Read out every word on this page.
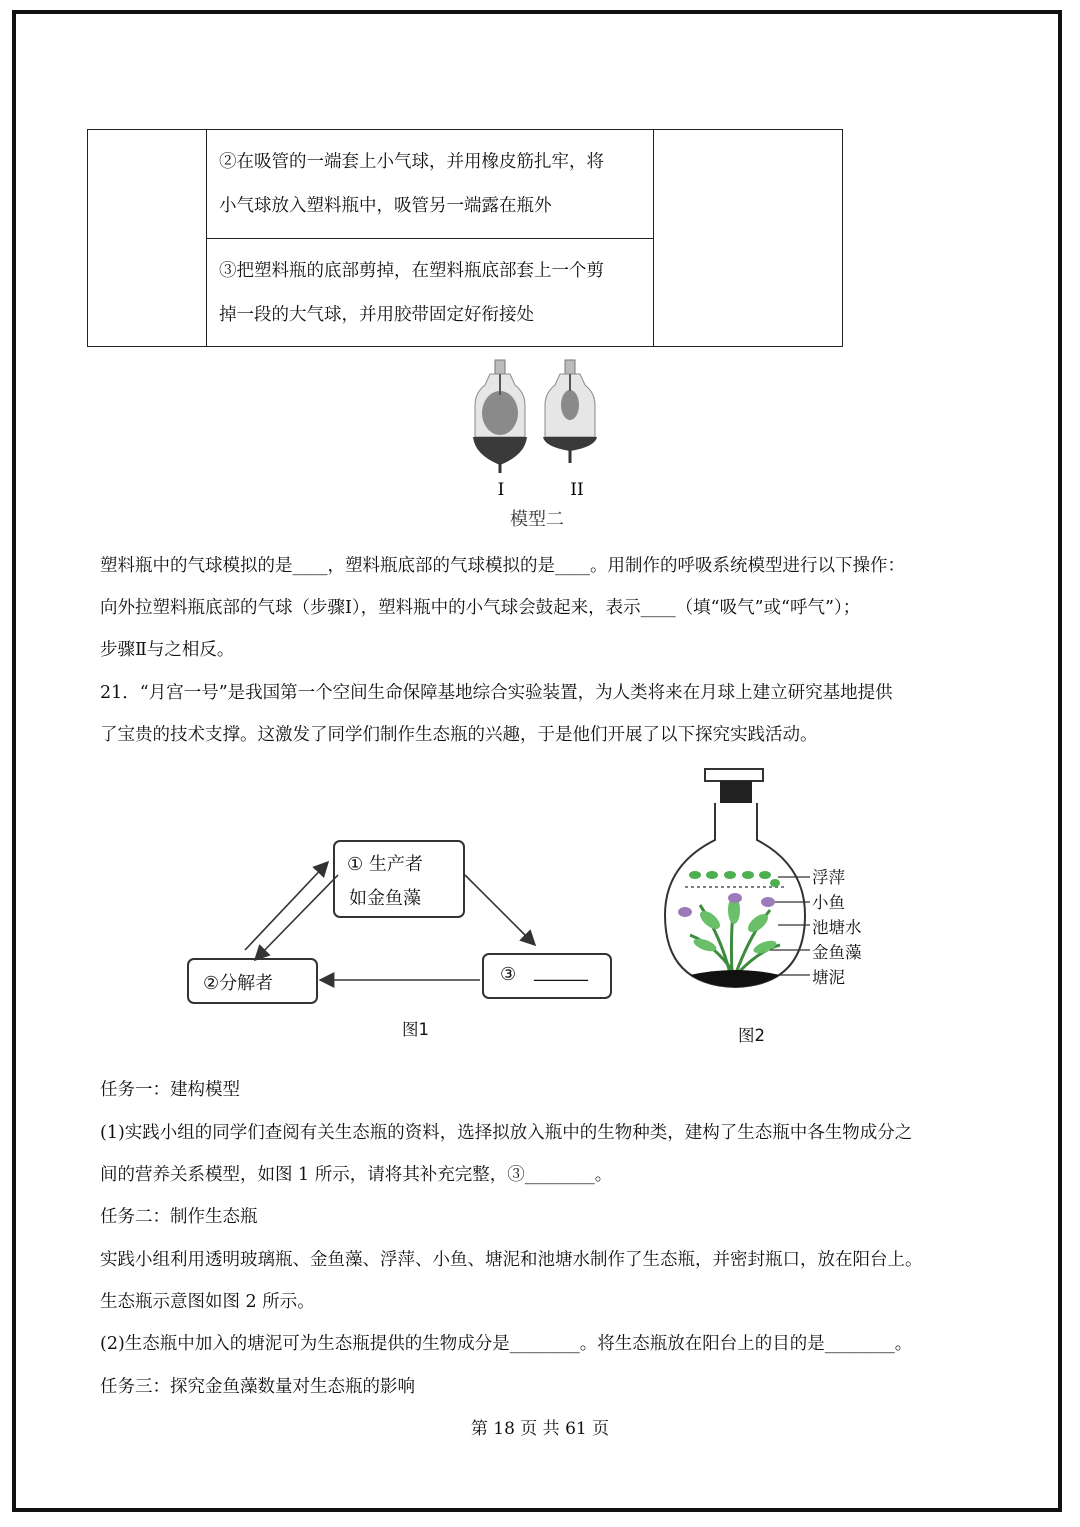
②在吸管的一端套上小气球，并用橡皮筋扎牢，将
小气球放入塑料瓶中，吸管另一端露在瓶外

③把塑料瓶的底部剪掉，在塑料瓶底部套上一个剪
掉一段的大气球，并用胶带固定好衔接处
I	II
模型二
塑料瓶中的气球模拟的是____，塑料瓶底部的气球模拟的是____。用制作的呼吸系统模型进行以下操作：
向外拉塑料瓶底部的气球（步骤Ⅰ），塑料瓶中的小气球会鼓起来，表示____（填“吸气”或“呼气”）；
步骤Ⅱ与之相反。
21．“月宫一号”是我国第一个空间生命保障基地综合实验装置，为人类将来在月球上建立研究基地提供
了宝贵的技术支撑。这激发了同学们制作生态瓶的兴趣，于是他们开展了以下探究实践活动。
① 生产者
如金鱼藻
②分解者	③ ______
图1
浮萍
小鱼
池塘水
金鱼藻
塘泥
图2
任务一：建构模型
(1)实践小组的同学们查阅有关生态瓶的资料，选择拟放入瓶中的生物种类，建构了生态瓶中各生物成分之
间的营养关系模型，如图 1 所示，请将其补充完整，③________。
任务二：制作生态瓶
实践小组利用透明玻璃瓶、金鱼藻、浮萍、小鱼、塘泥和池塘水制作了生态瓶，并密封瓶口，放在阳台上。
生态瓶示意图如图 2 所示。
(2)生态瓶中加入的塘泥可为生态瓶提供的生物成分是________。将生态瓶放在阳台上的目的是________。
任务三：探究金鱼藻数量对生态瓶的影响
第 18 页 共 61 页
